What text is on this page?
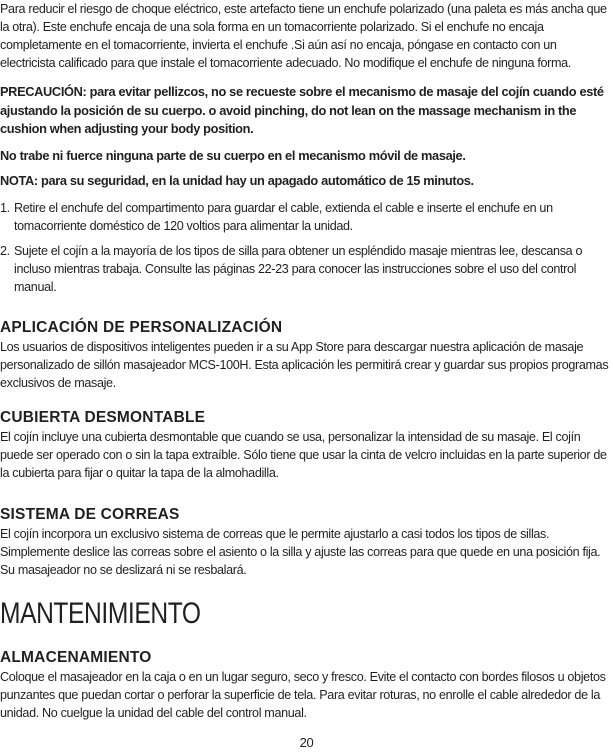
Para reducir el riesgo de choque eléctrico, este artefacto tiene un enchufe polarizado (una paleta es más ancha que la otra). Este enchufe encaja de una sola forma en un tomacorriente polarizado. Si el enchufe no encaja completamente en el tomacorriente, invierta el enchufe .Si aún así no encaja, póngase en contacto con un electricista calificado para que instale el tomacorriente adecuado. No modifique el enchufe de ninguna forma.

PRECAUCIÓN: para evitar pellizcos, no se recueste sobre el mecanismo de masaje del cojín cuando esté ajustando la posición de su cuerpo. o avoid pinching, do not lean on the massage mechanism in the cushion when adjusting your body position.

No trabe ni fuerce ninguna parte de su cuerpo en el mecanismo móvil de masaje.

NOTA: para su seguridad, en la unidad hay un apagado automático de 15 minutos.

1. Retire el enchufe del compartimento para guardar el cable, extienda el cable e inserte el enchufe en un tomacorriente doméstico de 120 voltios para alimentar la unidad.
2. Sujete el cojín a la mayoría de los tipos de silla para obtener un espléndido masaje mientras lee, descansa o incluso mientras trabaja. Consulte las páginas 22-23 para conocer las instrucciones sobre el uso del control manual.
APLICACIÓN DE PERSONALIZACIÓN

Los usuarios de dispositivos inteligentes pueden ir a su App Store para descargar nuestra aplicación de masaje personalizado de sillón masajeador MCS-100H. Esta aplicación les permitirá crear y guardar sus propios programas exclusivos de masaje.

CUBIERTA DESMONTABLE

El cojín incluye una cubierta desmontable que cuando se usa, personalizar la intensidad de su masaje. El cojín puede ser operado con o sin la tapa extraíble. Sólo tiene que usar la cinta de velcro incluidas en la parte superior de la cubierta para fijar o quitar la tapa de la almohadilla.

SISTEMA DE CORREAS

El cojín incorpora un exclusivo sistema de correas que le permite ajustarlo a casi todos los tipos de sillas. Simplemente deslice las correas sobre el asiento o la silla y ajuste las correas para que quede en una posición fija. Su masajeador no se deslizará ni se resbalará.

MANTENIMIENTO
ALMACENAMIENTO

Coloque el masajeador en la caja o en un lugar seguro, seco y fresco. Evite el contacto con bordes filosos u objetos punzantes que puedan cortar o perforar la superficie de tela. Para evitar roturas, no enrolle el cable alrededor de la unidad. No cuelgue la unidad del cable del control manual.

20
